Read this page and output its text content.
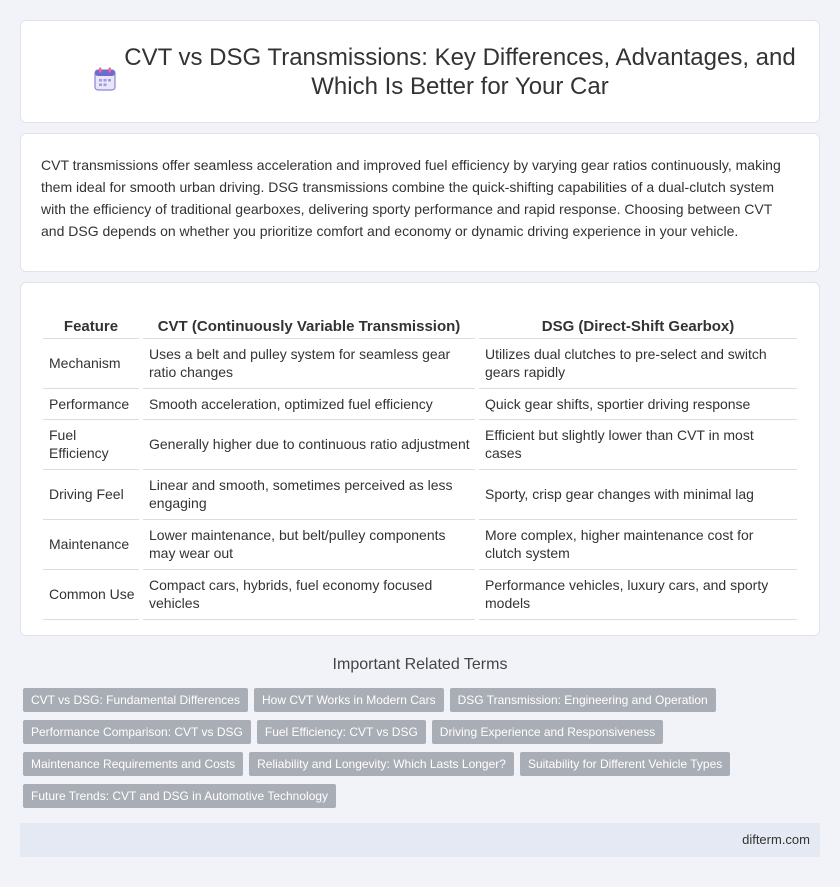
CVT vs DSG Transmissions: Key Differences, Advantages, and Which Is Better for Your Car

CVT transmissions offer seamless acceleration and improved fuel efficiency by varying gear ratios continuously, making them ideal for smooth urban driving. DSG transmissions combine the quick-shifting capabilities of a dual-clutch system with the efficiency of traditional gearboxes, delivering sporty performance and rapid response. Choosing between CVT and DSG depends on whether you prioritize comfort and economy or dynamic driving experience in your vehicle.

Feature	CVT (Continuously Variable Transmission)	DSG (Direct-Shift Gearbox)
Mechanism	Uses a belt and pulley system for seamless gear ratio changes	Utilizes dual clutches to pre-select and switch gears rapidly
Performance	Smooth acceleration, optimized fuel efficiency	Quick gear shifts, sportier driving response
Fuel Efficiency	Generally higher due to continuous ratio adjustment	Efficient but slightly lower than CVT in most cases
Driving Feel	Linear and smooth, sometimes perceived as less engaging	Sporty, crisp gear changes with minimal lag
Maintenance	Lower maintenance, but belt/pulley components may wear out	More complex, higher maintenance cost for clutch system
Common Use	Compact cars, hybrids, fuel economy focused vehicles	Performance vehicles, luxury cars, and sporty models
Important Related Terms
CVT vs DSG: Fundamental Differences	How CVT Works in Modern Cars	DSG Transmission: Engineering and Operation
Performance Comparison: CVT vs DSG	Fuel Efficiency: CVT vs DSG	Driving Experience and Responsiveness
Maintenance Requirements and Costs	Reliability and Longevity: Which Lasts Longer?	Suitability for Different Vehicle Types
Future Trends: CVT and DSG in Automotive Technology
difterm.com
